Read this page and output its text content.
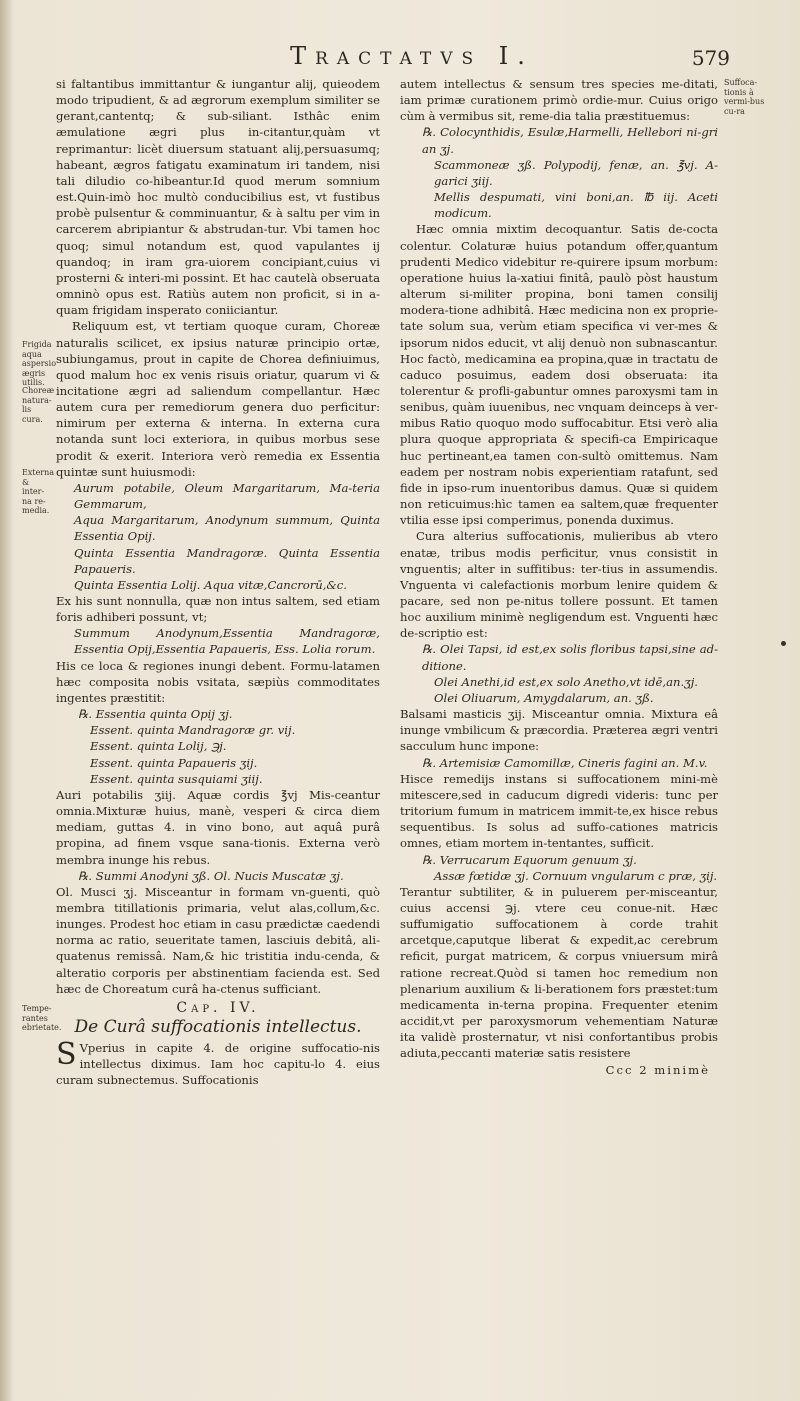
Tractatvs I.	579
Frigida aqua aspersio ægris utilis.
Choreæ natura-lis cura.
Externa & inter-na re-media.
Tempe-rantes ebrietate.
Suffoca-tionis à vermi-bus cu-ra

si faltantibus immittantur & iungantur alij, quieodem modo tripudient, & ad ægrorum exemplum similiter se gerant,cantentq; & sub-siliant. Isthâc enim æmulatione ægri plus in-citantur,quàm vt reprimantur: licèt diuersum statuant alij,persuasumq; habeant, ægros fatigatu examinatum iri tandem, nisi tali diludio co-hibeantur.Id quod merum somnium est.Quin-imò hoc multò conducibilius est, vt fustibus probè pulsentur & comminuantur, & à saltu per vim in carcerem abripiantur & abstrudan-tur. Vbi tamen hoc quoq; simul notandum est, quod vapulantes ij quandoq; in iram gra-uiorem concipiant,cuius vi prosterni & interi-mi possint. Et hac cautelà obseruata omninò opus est. Ratiùs autem non proficit, si in a-quam frigidam insperato coniiciantur.

Reliquum est, vt tertiam quoque curam, Choreæ naturalis scilicet, ex ipsius naturæ principio ortæ, subiungamus, prout in capite de Chorea definiuimus, quod malum hoc ex venis risuis oriatur, quarum vi & incitatione ægri ad saliendum compellantur. Hæc autem cura per remediorum genera duo perficitur: nimirum per externa & interna. In externa cura notanda sunt loci exteriora, in quibus morbus sese prodit & exerit. Interiora verò remedia ex Essentia quintæ sunt huiusmodi:

Aurum potabile, Oleum Margaritarum, Ma-teria Gemmarum,

Aqua Margaritarum, Anodynum summum, Quinta Essentia Opij.

Quinta Essentia Mandragoræ. Quinta Essentia Papaueris.

Quinta Essentia Lolij. Aqua vitæ,Cancrorū,&c.

Ex his sunt nonnulla, quæ non intus saltem, sed etiam foris adhiberi possunt, vt;

Summum Anodynum,Essentia Mandragoræ, Essentia Opij,Essentia Papaueris, Ess. Lolia rorum.

His ce loca & regiones inungi debent. Formu-latamen hæc composita nobis vsitata, sæpiùs commoditates ingentes præstitit:

℞. Essentia quinta Opij ʒj.

Essent. quinta Mandragoræ gr. vij.

Essent. quinta Lolij, ℈j.

Essent. quinta Papaueris ʒij.

Essent. quinta susquiami ʒiij.

Auri potabilis ʒiij. Aquæ cordis ℥vj Mis-ceantur omnia.Mixturæ huius, manè, vesperi & circa diem mediam, guttas 4. in vino bono, aut aquâ purâ propina, ad finem vsque sana-tionis. Externa verò membra inunge his rebus.

℞. Summi Anodyni ʒß. Ol. Nucis Muscatæ ʒj.

Ol. Musci ʒj. Misceantur in formam vn-guenti, quò membra titillationis primaria, velut alas,collum,&c. inunges. Prodest hoc etiam in casu prædictæ caedendi norma ac ratio, seueritate tamen, lasciuis debitâ, ali-quatenus remissâ. Nam,& hic tristitia indu-cenda, & alteratio corporis per abstinentiam facienda est. Sed hæc de Choreatum curâ ha-ctenus sufficiant.

Cap. IV.
De Curâ suffocationis intellectus.

S Vperius in capite 4. de origine suffocatio-nis intellectus diximus. Iam hoc capitu-lo 4. eius curam subnectemus. Suffocationis

autem intellectus & sensum tres species me-ditati, iam primæ curationem primò ordie-mur. Cuius origo cùm à vermibus sit, reme-dia talia præstituemus:

℞. Colocynthidis, Esulæ,Harmelli, Hellebori ni-gri an ʒj.

Scammoneæ ʒß. Polypodij, fenæ, an. ℥vj. A-garici ʒiij.

Mellis despumati, vini boni,an. ℔ iij. Aceti modicum.

Hæc omnia mixtim decoquantur. Satis de-cocta colentur. Colaturæ huius potandum offer,quantum prudenti Medico videbitur re-quirere ipsum morbum: operatione huius la-xatiui finitâ, paulò pòst haustum alterum si-militer propina, boni tamen consilij modera-tione adhibitâ. Hæc medicina non ex proprie-tate solum sua, verùm etiam specifica vi ver-mes & ipsorum nidos educit, vt alij denuò non subnascantur. Hoc factò, medicamina ea propina,quæ in tractatu de caduco posuimus, eadem dosi obseruata: ita tolerentur & profli-gabuntur omnes paroxysmi tam in senibus, quàm iuuenibus, nec vnquam deinceps à ver-mibus Ratio quoquo modo suffocabitur. Etsi verò alia plura quoque appropriata & specifi-ca Empiricaque huc pertineant,ea tamen con-sultò omittemus. Nam eadem per nostram nobis experientiam ratafunt, sed fide in ipso-rum inuentoribus damus. Quæ si quidem non reticuimus:hìc tamen ea saltem,quæ frequenter vtilia esse ipsi comperimus, ponenda duximus.

Cura alterius suffocationis, mulieribus ab vtero enatæ, tribus modis perficitur, vnus consistit in vnguentis; alter in suffitibus: ter-tius in assumendis. Vnguenta vi calefactionis morbum lenire quidem & pacare, sed non pe-nitus tollere possunt. Et tamen hoc auxilium minimè negligendum est. Vnguenti hæc de-scriptio est:

℞. Olei Tapsi, id est,ex solis floribus tapsi,sine ad-ditione.

Olei Anethi,id est,ex solo Anetho,vt idē,an.ʒj.

Olei Oliuarum, Amygdalarum, an. ʒß.

Balsami masticis ʒij. Misceantur omnia. Mixtura eâ inunge vmbilicum & præcordia. Præterea ægri ventri sacculum hunc impone:

℞. Artemisiæ Camomillæ, Cineris fagini an. M.v.

Hisce remedijs instans si suffocationem mini-mè mitescere,sed in caducum digredi videris: tunc per tritorium fumum in matricem immit-te,ex hisce rebus sequentibus. Is solus ad suffo-cationes matricis omnes, etiam mortem in-tentantes, sufficit.

℞. Verrucarum Equorum genuum ʒj.

Assæ fœtidæ ʒj. Cornuum vngularum c præ, ʒij.

Terantur subtiliter, & in puluerem per-misceantur, cuius accensi ℈j. vtere ceu conue-nit. Hæc suffumigatio suffocationem à corde trahit arcetque,caputque liberat & expedit,ac cerebrum reficit, purgat matricem, & corpus vniuersum mirâ ratione recreat.Quòd si tamen hoc remedium non plenarium auxilium & li-berationem fors præstet:tum medicamenta in-terna propina. Frequenter etenim accidit,vt per paroxysmorum vehementiam Naturæ ita validè prosternatur, vt nisi confortantibus probis adiuta,peccanti materiæ satis resistere

Ccc 2 minimè
